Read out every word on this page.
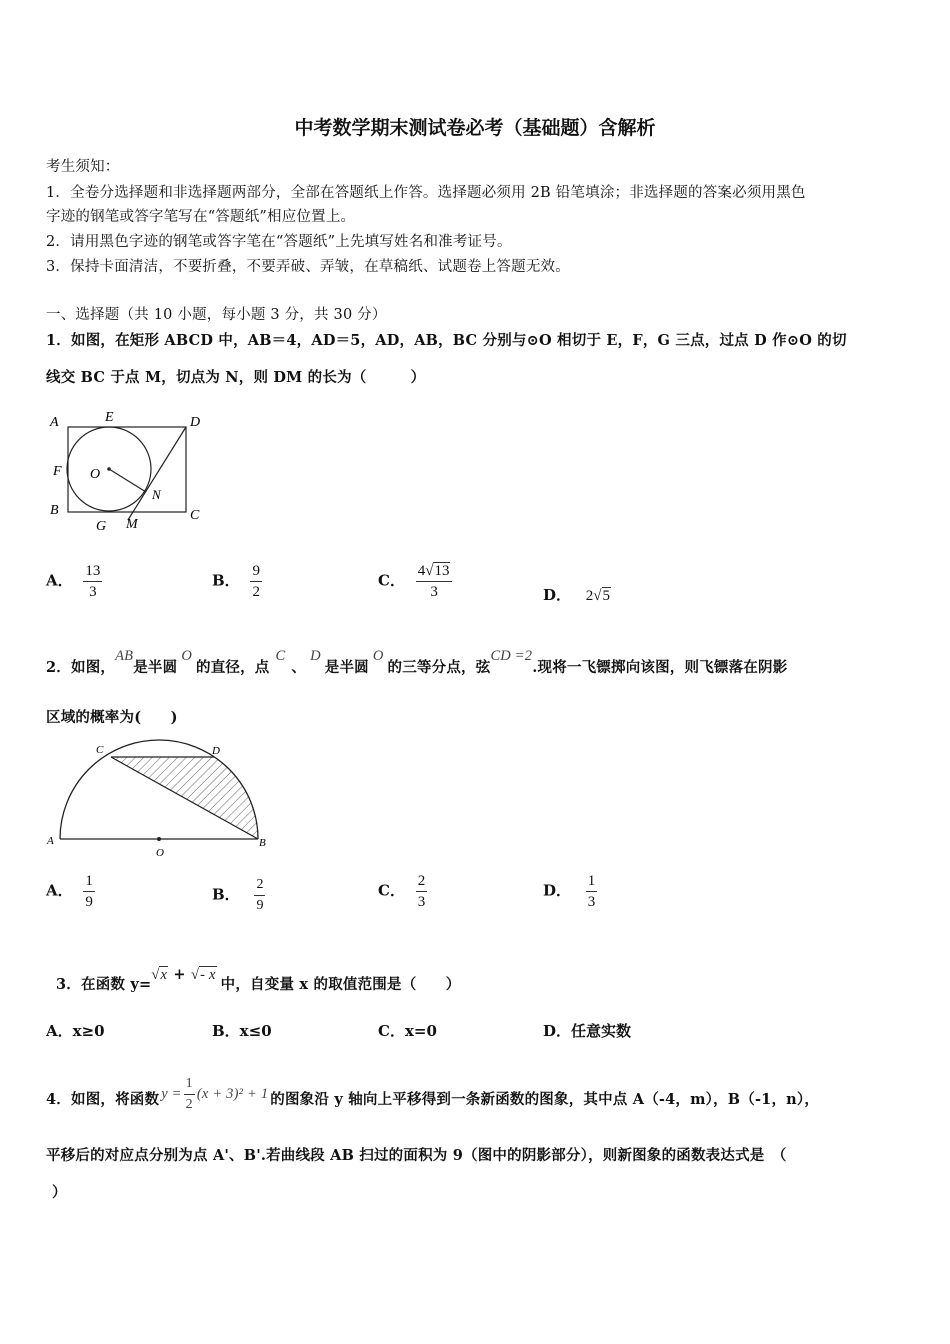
中考数学期末测试卷必考（基础题）含解析
考生须知：
1．全卷分选择题和非选择题两部分，全部在答题纸上作答。选择题必须用 2B 铅笔填涂；非选择题的答案必须用黑色
字迹的钢笔或答字笔写在“答题纸”相应位置上。
2．请用黑色字迹的钢笔或答字笔在“答题纸”上先填写姓名和准考证号。
3．保持卡面清洁，不要折叠，不要弄破、弄皱，在草稿纸、试题卷上答题无效。
一、选择题（共 10 小题，每小题 3 分，共 30 分）
1．如图，在矩形 ABCD 中，AB＝4，AD＝5，AD，AB，BC 分别与⊙O 相切于 E，F，G 三点，过点 D 作⊙O 的切
线交 BC 于点 M，切点为 N，则 DM 的长为（　　　）
A	E	D
F O
N
B
G M
C
A． $\frac{13}{3}$	B． $\frac{9}{2}$	C． $\frac{4√13}{3}$	D． 2√5
2．如图，AB是半圆O的直径，点C、D是半圆O的三等分点，弦CD =2.现将一飞镖掷向该图，则飞镖落在阴影
区域的概率为(　　)
C	D
A
O
B
A． $\frac{1}{9}$	B． $\frac{2}{9}$	C． $\frac{2}{3}$	D． $\frac{1}{3}$
3．在函数 y=√x + √- x中，自变量 x 的取值范围是（　　）
A．x≥0	B．x≤0	C．x=0	D．任意实数
4．如图，将函数 $y = \frac{1}{2} (x + 3)^2 + 1$ 的图象沿 y 轴向上平移得到一条新函数的图象，其中点 A（-4，m），B（-1，n），
平移后的对应点分别为点 A'、B'.若曲线段 AB 扫过的面积为 9（图中的阴影部分），则新图象的函数表达式是　（
）
